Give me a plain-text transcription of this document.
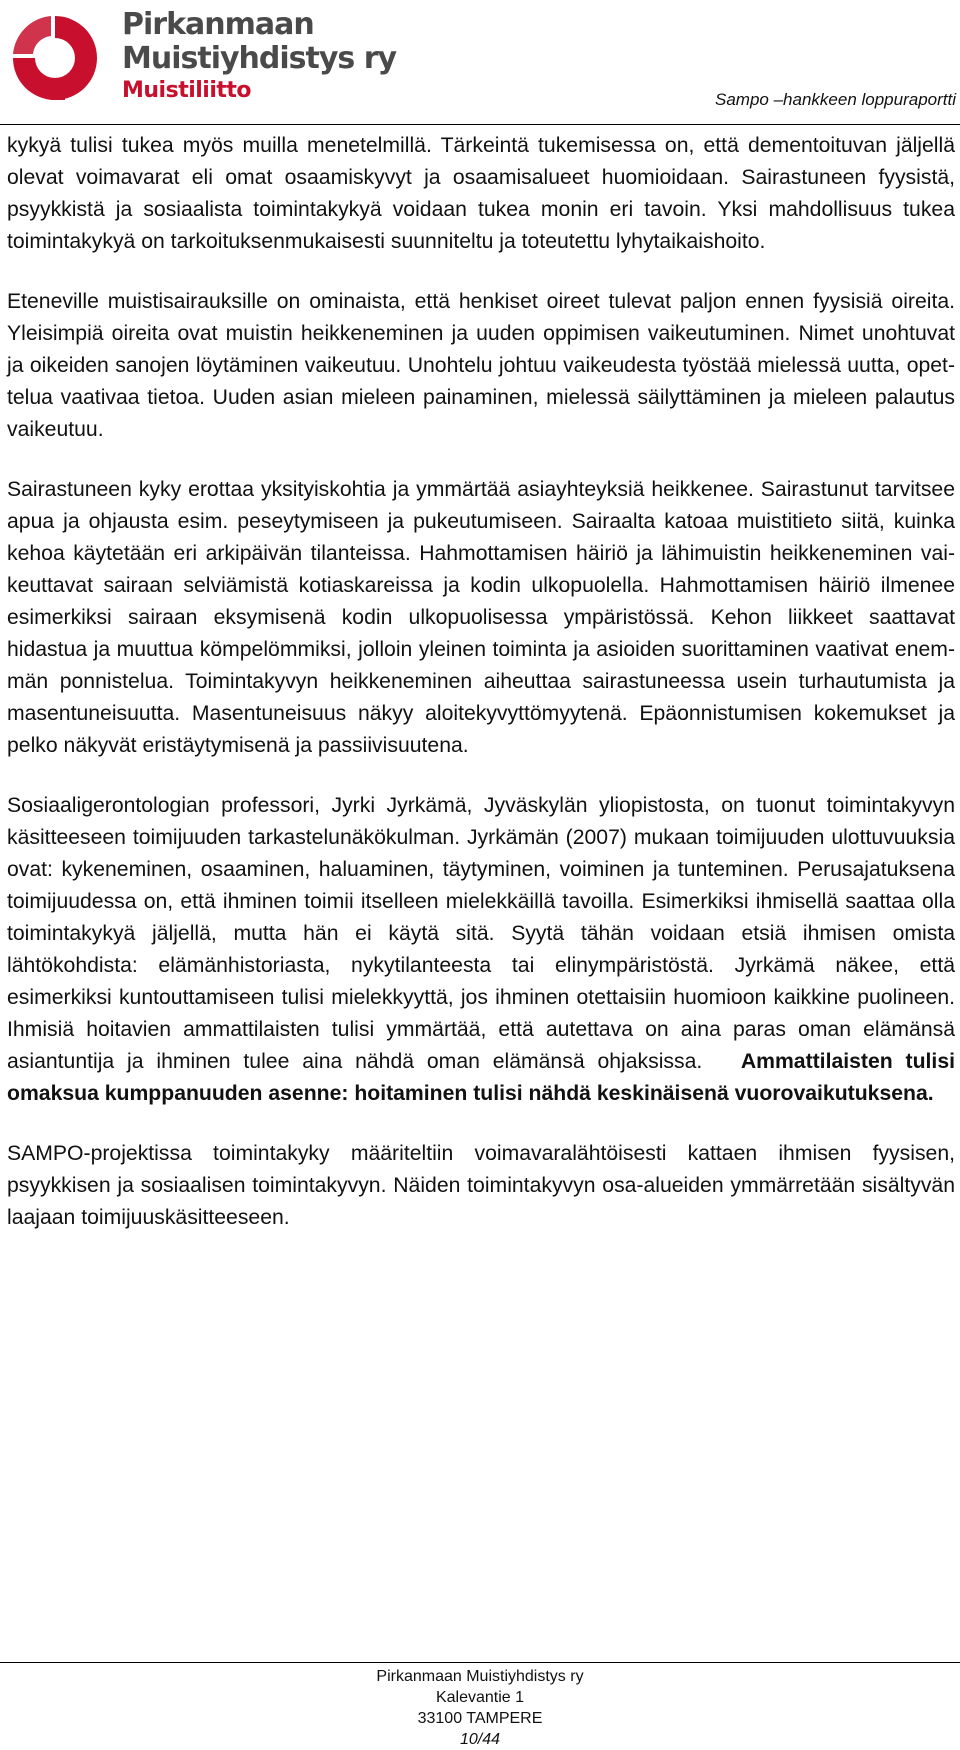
Pirkanmaan
Muistiyhdistys ry
Muistiliitto	Sampo –hankkeen loppuraportti

kykyä tulisi tukea myös muilla menetelmillä. Tärkeintä tukemisessa on, että dementoituvan jäljellä olevat voimavarat eli omat osaamiskyvyt ja osaamisalueet huomioidaan. Sairastuneen fyysistä, psyykkistä ja sosiaalista toimintakykyä voidaan tukea monin eri tavoin. Yksi mahdollisuus tukea toimintakykyä on tarkoituksenmukaisesti suunniteltu ja toteutettu lyhytaikaishoito.

Eteneville muistisairauksille on ominaista, että henkiset oireet tulevat paljon ennen fyysisiä oireita. Yleisimpiä oireita ovat muistin heikkeneminen ja uuden oppimisen vaikeutuminen. Nimet unohtuvat ja oikeiden sanojen löytäminen vaikeutuu. Unohtelu johtuu vaikeudesta työstää mielessä uutta, opettelua vaativaa tietoa. Uuden asian mieleen painaminen, mielessä säilyttäminen ja mieleen palautus vaikeutuu.

Sairastuneen kyky erottaa yksityiskohtia ja ymmärtää asiayhteyksiä heikkenee. Sairastunut tarvitsee apua ja ohjausta esim. peseytymiseen ja pukeutumiseen. Sairaalta katoaa muistitieto siitä, kuinka kehoa käytetään eri arkipäivän tilanteissa. Hahmottamisen häiriö ja lähimuistin heikkeneminen vaikeuttavat sairaan selviämistä kotiaskareissa ja kodin ulkopuolella. Hahmottamisen häiriö ilmenee esimerkiksi sairaan eksymisenä kodin ulkopuolisessa ympäristössä. Kehon liikkeet saattavat hidastua ja muuttua kömpelömmiksi, jolloin yleinen toiminta ja asioiden suorittaminen vaativat enemmän ponnistelua. Toimintakyvyn heikkeneminen aiheuttaa sairastuneessa usein turhautumista ja masentuneisuutta. Masentuneisuus näkyy aloitekyvyttömyytenä. Epäonnistumisen kokemukset ja pelko näkyvät eristäytymisenä ja passiivisuutena.

Sosiaaligerontologian professori, Jyrki Jyrkämä, Jyväskylän yliopistosta, on tuonut toimintakyvyn käsitteeseen toimijuuden tarkastelunäkökulman. Jyrkämän (2007) mukaan toimijuuden ulottuvuuksia ovat: kykeneminen, osaaminen, haluaminen, täytyminen, voiminen ja tunteminen. Perusajatuksena toimijuudessa on, että ihminen toimii itselleen mielekkäillä tavoilla. Esimerkiksi ihmisellä saattaa olla toimintakykyä jäljellä, mutta hän ei käytä sitä. Syytä tähän voidaan etsiä ihmisen omista lähtökohdista: elämänhistoriasta, nykytilanteesta tai elinympäristöstä. Jyrkämä näkee, että esimerkiksi kuntouttamiseen tulisi mielekkyyttä, jos ihminen otettaisiin huomioon kaikkine puolineen. Ihmisiä hoitavien ammattilaisten tulisi ymmärtää, että autettava on aina paras oman elämänsä asiantuntija ja ihminen tulee aina nähdä oman elämänsä ohjaksissa. Ammattilaisten tulisi omaksua kumppanuuden asenne: hoitaminen tulisi nähdä keskinäisenä vuorovaikutuksena.

SAMPO-projektissa toimintakyky määriteltiin voimavaralähtöisesti kattaen ihmisen fyysisen, psyykkisen ja sosiaalisen toimintakyvyn. Näiden toimintakyvyn osa-alueiden ymmärretään sisältyvän laajaan toimijuuskäsitteeseen.

Pirkanmaan Muistiyhdistys ry
Kalevantie 1
33100 TAMPERE
10/44
